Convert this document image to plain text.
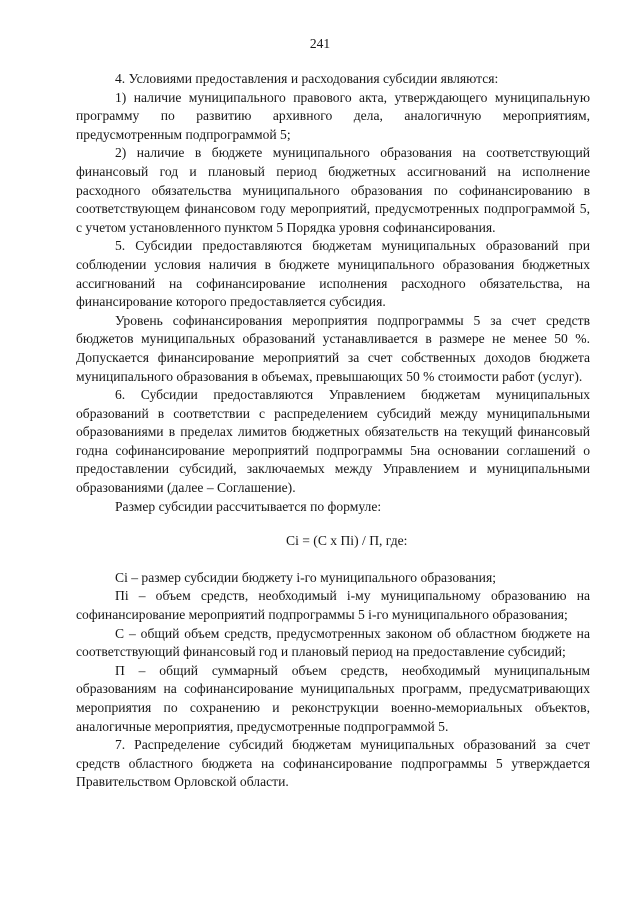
241

4. Условиями предоставления и расходования субсидии являются:

1) наличие муниципального правового акта, утверждающего муниципальную программу по развитию архивного дела, аналогичную мероприятиям, предусмотренным подпрограммой 5;

2) наличие в бюджете муниципального образования на соответствующий финансовый год и плановый период бюджетных ассигнований на исполнение расходного обязательства муниципального образования по софинансированию в соответствующем финансовом году мероприятий, предусмотренных подпрограммой 5, с учетом установленного пунктом 5 Порядка уровня софинансирования.

5. Субсидии предоставляются бюджетам муниципальных образований при соблюдении условия наличия в бюджете муниципального образования бюджетных ассигнований на софинансирование исполнения расходного обязательства, на финансирование которого предоставляется субсидия.

Уровень софинансирования мероприятия подпрограммы 5 за счет средств бюджетов муниципальных образований устанавливается в размере не менее 50 %. Допускается финансирование мероприятий за счет собственных доходов бюджета муниципального образования в объемах, превышающих 50 % стоимости работ (услуг).

6. Субсидии предоставляются Управлением бюджетам муниципальных образований в соответствии с распределением субсидий между муниципальными образованиями в пределах лимитов бюджетных обязательств на текущий финансовый годна софинансирование мероприятий подпрограммы 5на основании соглашений о предоставлении субсидий, заключаемых между Управлением и муниципальными образованиями (далее – Соглашение).

Размер субсидии рассчитывается по формуле:

Ci = (C х Пi) / П, где:

Ci – размер субсидии бюджету i-го муниципального образования;

Пi – объем средств, необходимый i-му муниципальному образованию на софинансирование мероприятий подпрограммы 5 i-го муниципального образования;

С – общий объем средств, предусмотренных законом об областном бюджете на соответствующий финансовый год и плановый период на предоставление субсидий;

П – общий суммарный объем средств, необходимый муниципальным образованиям на софинансирование муниципальных программ, предусматривающих мероприятия по сохранению и реконструкции военно-мемориальных объектов, аналогичные мероприятия, предусмотренные подпрограммой 5.

7. Распределение субсидий бюджетам муниципальных образований за счет средств областного бюджета на софинансирование подпрограммы 5 утверждается Правительством Орловской области.
